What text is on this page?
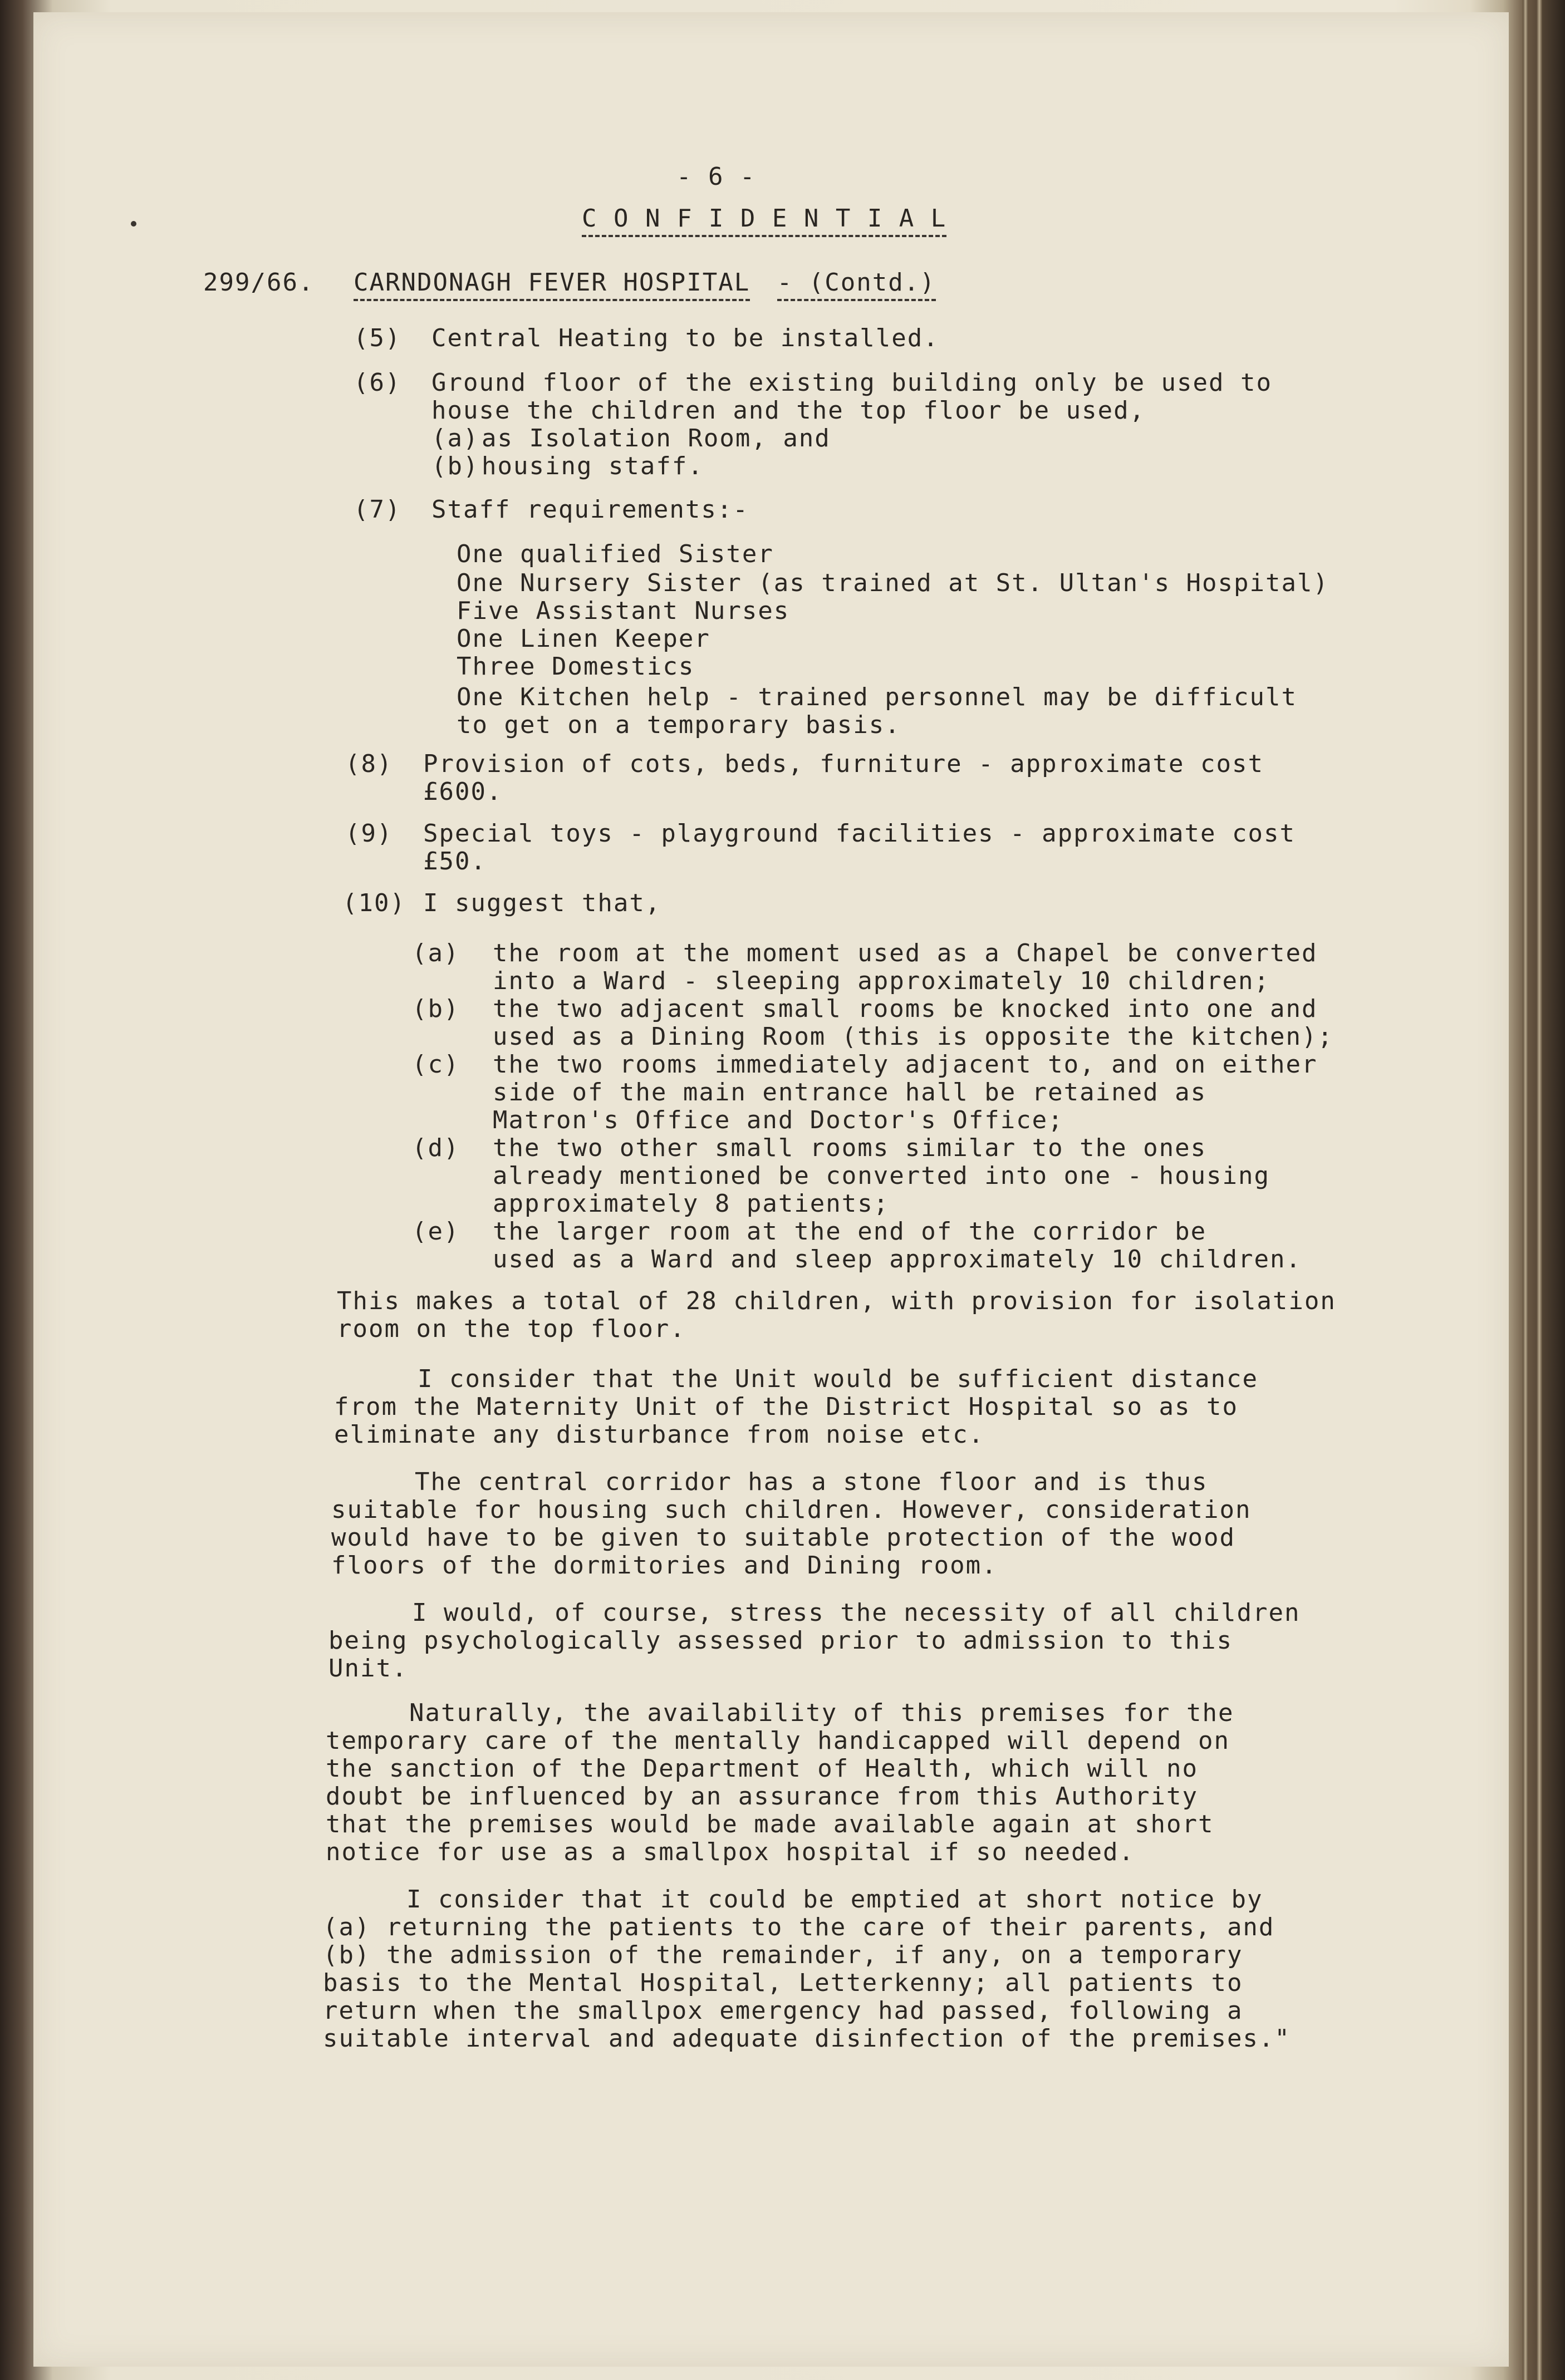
- 6 -
C O N F I D E N T I A L
299/66. CARNDONAGH FEVER HOSPITAL - (Contd.)
(5) Central Heating to be installed.
(6) Ground floor of the existing building only be used to
house the children and the top floor be used,
(a) as Isolation Room, and
(b) housing staff.
(7) Staff requirements:-
One qualified Sister
One Nursery Sister (as trained at St. Ultan's Hospital)
Five Assistant Nurses
One Linen Keeper
Three Domestics
One Kitchen help - trained personnel may be difficult
to get on a temporary basis.
(8) Provision of cots, beds, furniture - approximate cost
£600.
(9) Special toys - playground facilities - approximate cost
£50.
(10) I suggest that,
(a) the room at the moment used as a Chapel be converted
into a Ward - sleeping approximately 10 children;
(b) the two adjacent small rooms be knocked into one and
used as a Dining Room (this is opposite the kitchen);
(c) the two rooms immediately adjacent to, and on either
side of the main entrance hall be retained as
Matron's Office and Doctor's Office;
(d) the two other small rooms similar to the ones
already mentioned be converted into one - housing
approximately 8 patients;
(e) the larger room at the end of the corridor be
used as a Ward and sleep approximately 10 children.
This makes a total of 28 children, with provision for isolation
room on the top floor.
I consider that the Unit would be sufficient distance
from the Maternity Unit of the District Hospital so as to
eliminate any disturbance from noise etc.
The central corridor has a stone floor and is thus
suitable for housing such children. However, consideration
would have to be given to suitable protection of the wood
floors of the dormitories and Dining room.
I would, of course, stress the necessity of all children
being psychologically assessed prior to admission to this
Unit.
Naturally, the availability of this premises for the
temporary care of the mentally handicapped will depend on
the sanction of the Department of Health, which will no
doubt be influenced by an assurance from this Authority
that the premises would be made available again at short
notice for use as a smallpox hospital if so needed.
I consider that it could be emptied at short notice by
(a) returning the patients to the care of their parents, and
(b) the admission of the remainder, if any, on a temporary
basis to the Mental Hospital, Letterkenny; all patients to
return when the smallpox emergency had passed, following a
suitable interval and adequate disinfection of the premises."
